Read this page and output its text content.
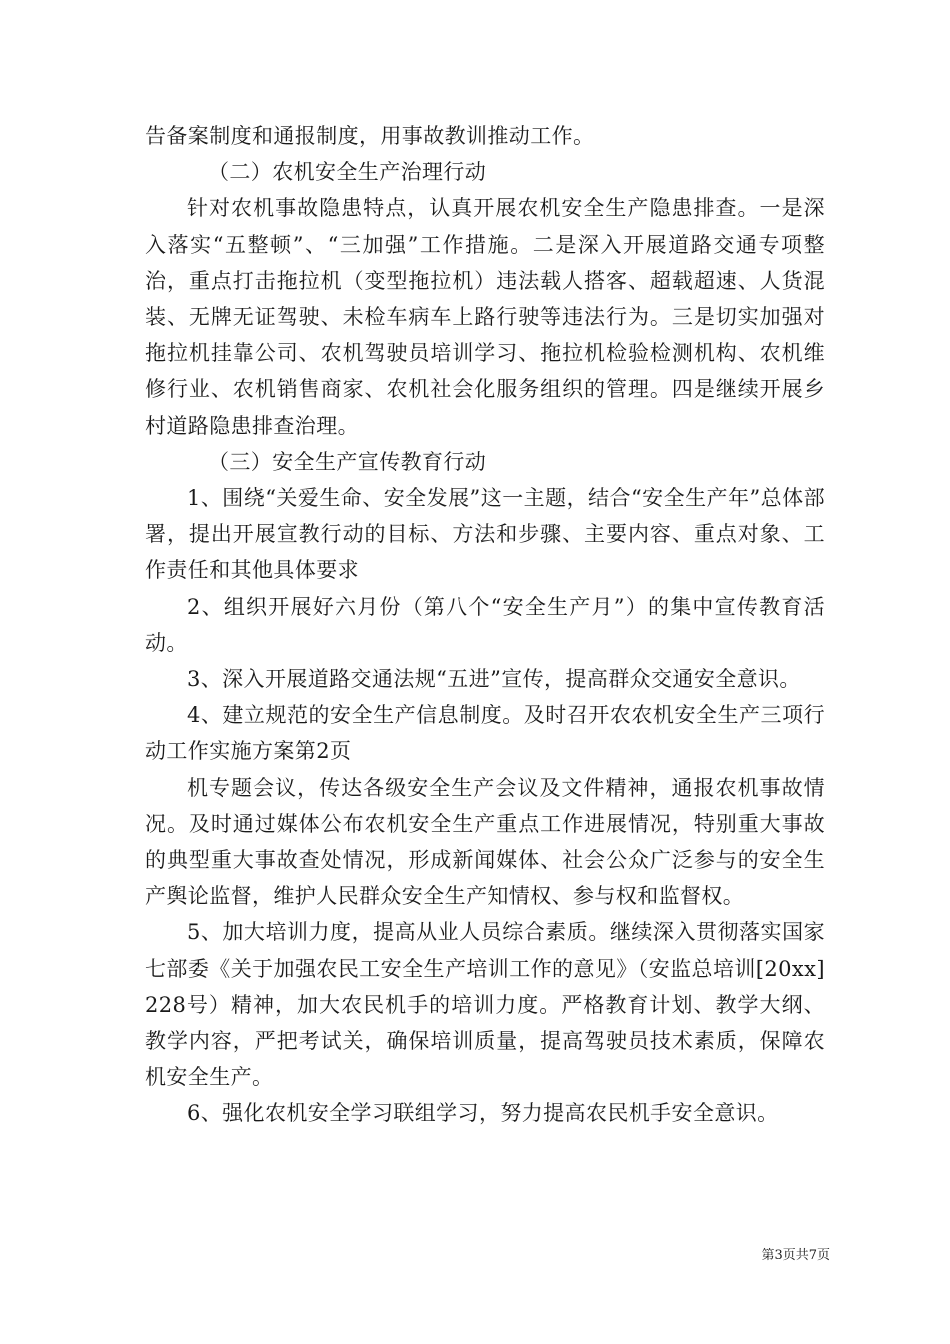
告备案制度和通报制度，用事故教训推动工作。

（二）农机安全生产治理行动

针对农机事故隐患特点，认真开展农机安全生产隐患排查。一是深入落实“五整顿”、“三加强”工作措施。二是深入开展道路交通专项整治，重点打击拖拉机（变型拖拉机）违法载人搭客、超载超速、人货混装、无牌无证驾驶、未检车病车上路行驶等违法行为。三是切实加强对拖拉机挂靠公司、农机驾驶员培训学习、拖拉机检验检测机构、农机维修行业、农机销售商家、农机社会化服务组织的管理。四是继续开展乡村道路隐患排查治理。

（三）安全生产宣传教育行动

1、围绕“关爱生命、安全发展”这一主题，结合“安全生产年”总体部署，提出开展宣教行动的目标、方法和步骤、主要内容、重点对象、工作责任和其他具体要求

2、组织开展好六月份（第八个“安全生产月”）的集中宣传教育活动。

3、深入开展道路交通法规“五进”宣传，提高群众交通安全意识。

4、建立规范的安全生产信息制度。及时召开农农机安全生产三项行动工作实施方案第2页

机专题会议，传达各级安全生产会议及文件精神，通报农机事故情况。及时通过媒体公布农机安全生产重点工作进展情况，特别重大事故的典型重大事故查处情况，形成新闻媒体、社会公众广泛参与的安全生产舆论监督，维护人民群众安全生产知情权、参与权和监督权。

5、加大培训力度，提高从业人员综合素质。继续深入贯彻落实国家七部委《关于加强农民工安全生产培训工作的意见》（安监总培训[20xx]228号）精神，加大农民机手的培训力度。严格教育计划、教学大纲、教学内容，严把考试关，确保培训质量，提高驾驶员技术素质，保障农机安全生产。

6、强化农机安全学习联组学习，努力提高农民机手安全意识。

第3页共7页
